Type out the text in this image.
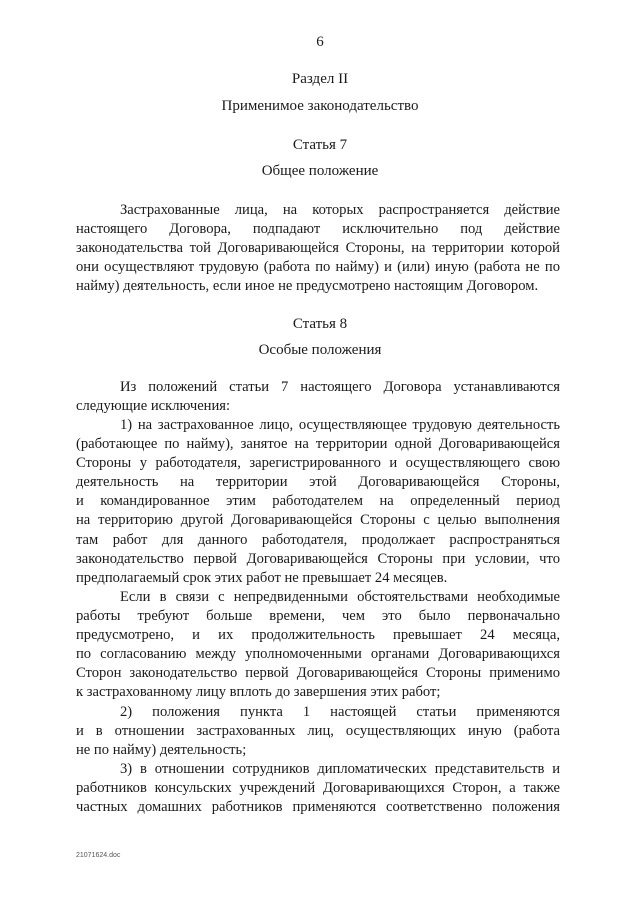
6
Раздел II
Применимое законодательство
Статья 7
Общее положение
Застрахованные лица, на которых распространяется действие
настоящего Договора, подпадают исключительно под действие
законодательства той Договаривающейся Стороны, на территории которой
они осуществляют трудовую (работа по найму) и (или) иную (работа не по
найму) деятельность, если иное не предусмотрено настоящим Договором.
Статья 8
Особые положения
Из положений статьи 7 настоящего Договора устанавливаются
следующие исключения:
1) на застрахованное лицо, осуществляющее трудовую деятельность
(работающее по найму), занятое на территории одной Договаривающейся
Стороны у работодателя, зарегистрированного и осуществляющего свою
деятельность на территории этой Договаривающейся Стороны,
и командированное этим работодателем на определенный период
на территорию другой Договаривающейся Стороны с целью выполнения
там работ для данного работодателя, продолжает распространяться
законодательство первой Договаривающейся Стороны при условии, что
предполагаемый срок этих работ не превышает 24 месяцев.
Если в связи с непредвиденными обстоятельствами необходимые
работы требуют больше времени, чем это было первоначально
предусмотрено, и их продолжительность превышает 24 месяца,
по согласованию между уполномоченными органами Договаривающихся
Сторон законодательство первой Договаривающейся Стороны применимо
к застрахованному лицу вплоть до завершения этих работ;
2) положения пункта 1 настоящей статьи применяются
и в отношении застрахованных лиц, осуществляющих иную (работа
не по найму) деятельность;
3) в отношении сотрудников дипломатических представительств и
работников консульских учреждений Договаривающихся Сторон, а также
частных домашних работников применяются соответственно положения
21071624.doc
